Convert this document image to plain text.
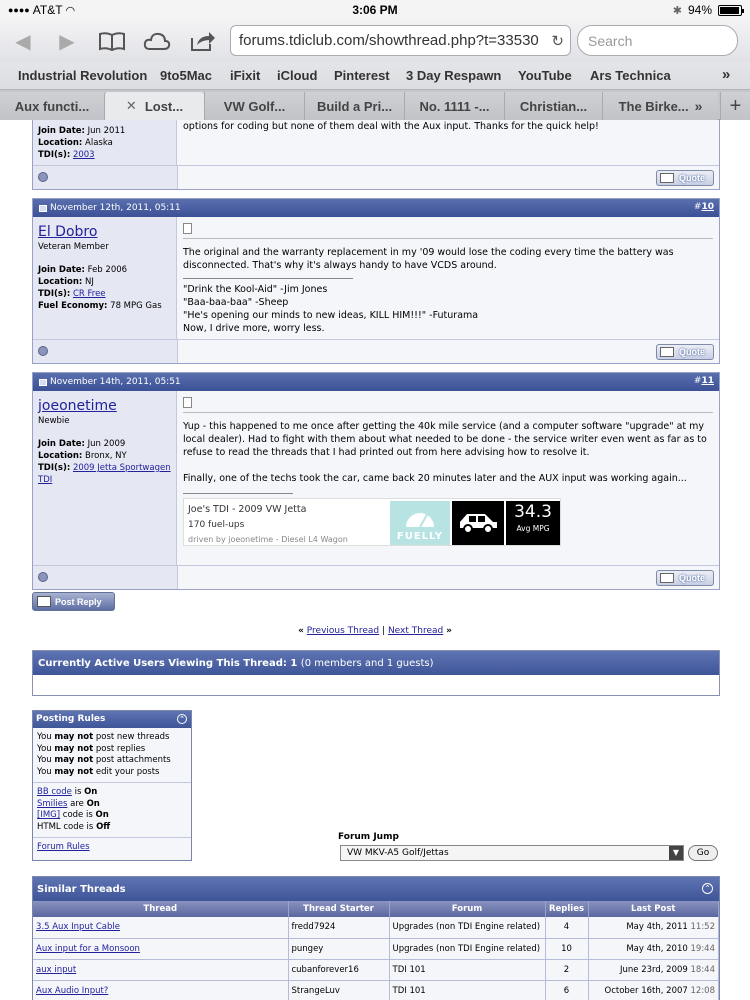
●●●● AT&T ◠	3:06 PM	✱ 94%
◀	▶	forums.tdiclub.com/showthread.php?t=33530 ↻ Search
Industrial Revolution 9to5Mac iFixit iCloud Pinterest 3 Day Respawn YouTube Ars Technica	»
Aux functi...	✕ Lost...	VW Golf... Build a Pri... No. 1111 -... Christian... The Birke... »	+
Join Date: Jun 2011
Location: Alaska
TDI(s): 2003
options for coding but none of them deal with the Aux input. Thanks for the quick help!
Quote
November 12th, 2011, 05:11	#10
El Dobro
Veteran Member
Join Date: Feb 2006
Location: NJ
TDI(s): CR Free
Fuel Economy: 78 MPG Gas
The original and the warranty replacement in my '09 would lose the coding every time the battery was disconnected. That's why it's always handy to have VCDS around.
"Drink the Kool-Aid" -Jim Jones
"Baa-baa-baa" -Sheep
"He's opening our minds to new ideas, KILL HIM!!!" -Futurama
Now, I drive more, worry less.
Quote
November 14th, 2011, 05:51	#11
joeonetime
Newbie
Join Date: Jun 2009
Location: Bronx, NY
TDI(s): 2009 Jetta Sportwagen TDI
Yup - this happened to me once after getting the 40k mile service (and a computer software "upgrade" at my local dealer). Had to fight with them about what needed to be done - the service writer even went as far as to refuse to read the threads that I had printed out from here advising how to resolve it.
Finally, one of the techs took the car, came back 20 minutes later and the AUX input was working again...
Joe's TDI - 2009 VW Jetta
170 fuel-ups
driven by joeonetime - Diesel L4 Wagon	FUELLY
34.3
Avg MPG
Quote
Post Reply
« Previous Thread | Next Thread »
Currently Active Users Viewing This Thread: 1
(0 members and 1 guests)
Posting Rules	⌃
You may not post new threads
You may not post replies
You may not post attachments
You may not edit your posts
BB code is On
Smilies are On
[IMG] code is On
HTML code is Off
Forum Rules
Forum Jump
VW MKV-A5 Golf/Jettas	▼	Go
Similar Threads	⌃
Thread	Thread Starter	Forum	Replies	Last Post
3.5 Aux Input Cable	fredd7924	Upgrades (non TDI Engine related)	4	May 4th, 2011 11:52
Aux input for a Monsoon	pungey	Upgrades (non TDI Engine related)	10	May 4th, 2010 19:44
aux input	cubanforever16	TDI 101	2	June 23rd, 2009 18:44
Aux Audio Input?	StrangeLuv	TDI 101	6	October 16th, 2007 12:08
